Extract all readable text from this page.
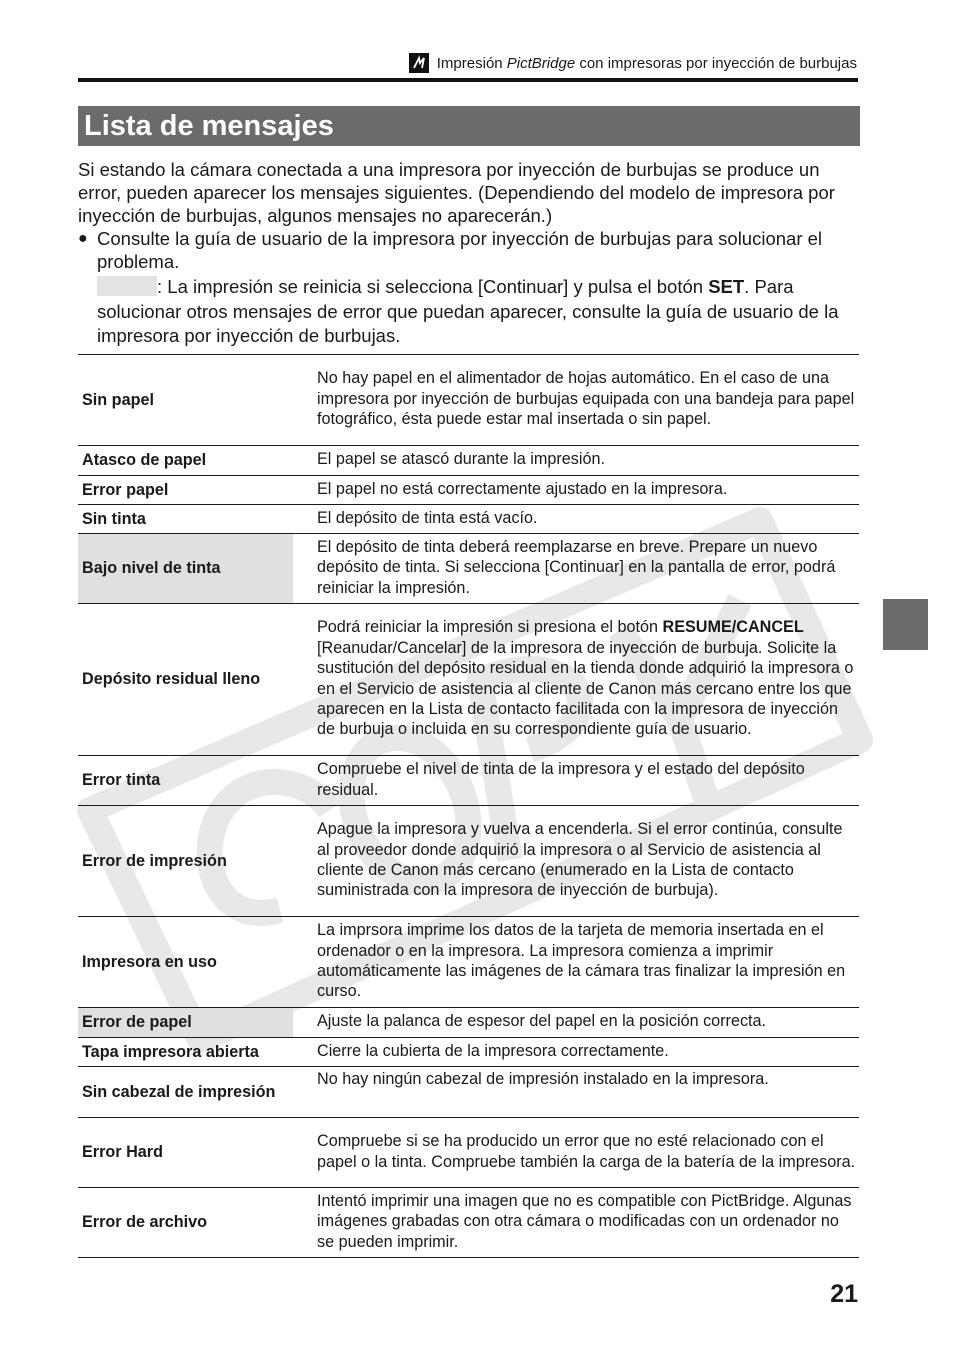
Impresión PictBridge con impresoras por inyección de burbujas
Lista de mensajes

Si estando la cámara conectada a una impresora por inyección de burbujas se produce un error, pueden aparecer los mensajes siguientes. (Dependiendo del modelo de impresora por inyección de burbujas, algunos mensajes no aparecerán.)

● Consulte la guía de usuario de la impresora por inyección de burbujas para solucionar el problema.
: La impresión se reinicia si selecciona [Continuar] y pulsa el botón SET. Para solucionar otros mensajes de error que puedan aparecer, consulte la guía de usuario de la impresora por inyección de burbujas.
Sin papel	No hay papel en el alimentador de hojas automático. En el caso de una impresora por inyección de burbujas equipada con una bandeja para papel fotográfico, ésta puede estar mal insertada o sin papel.
Atasco de papel	El papel se atascó durante la impresión.
Error papel	El papel no está correctamente ajustado en la impresora.
Sin tinta	El depósito de tinta está vacío.
Bajo nivel de tinta	El depósito de tinta deberá reemplazarse en breve. Prepare un nuevo depósito de tinta. Si selecciona [Continuar] en la pantalla de error, podrá reiniciar la impresión.
Depósito residual lleno	Podrá reiniciar la impresión si presiona el botón RESUME/CANCEL [Reanudar/Cancelar] de la impresora de inyección de burbuja. Solicite la sustitución del depósito residual en la tienda donde adquirió la impresora o en el Servicio de asistencia al cliente de Canon más cercano entre los que aparecen en la Lista de contacto facilitada con la impresora de inyección de burbuja o incluida en su correspondiente guía de usuario.
Error tinta	Compruebe el nivel de tinta de la impresora y el estado del depósito residual.
Error de impresión	Apague la impresora y vuelva a encenderla. Si el error continúa, consulte al proveedor donde adquirió la impresora o al Servicio de asistencia al cliente de Canon más cercano (enumerado en la Lista de contacto suministrada con la impresora de inyección de burbuja).
Impresora en uso	La imprsora imprime los datos de la tarjeta de memoria insertada en el ordenador o en la impresora. La impresora comienza a imprimir automáticamente las imágenes de la cámara tras finalizar la impresión en curso.
Error de papel	Ajuste la palanca de espesor del papel en la posición correcta.
Tapa impresora abierta	Cierre la cubierta de la impresora correctamente.
Sin cabezal de impresión	No hay ningún cabezal de impresión instalado en la impresora.
Error Hard	Compruebe si se ha producido un error que no esté relacionado con el papel o la tinta. Compruebe también la carga de la batería de la impresora.
Error de archivo	Intentó imprimir una imagen que no es compatible con PictBridge. Algunas imágenes grabadas con otra cámara o modificadas con un ordenador no se pueden imprimir.
21
